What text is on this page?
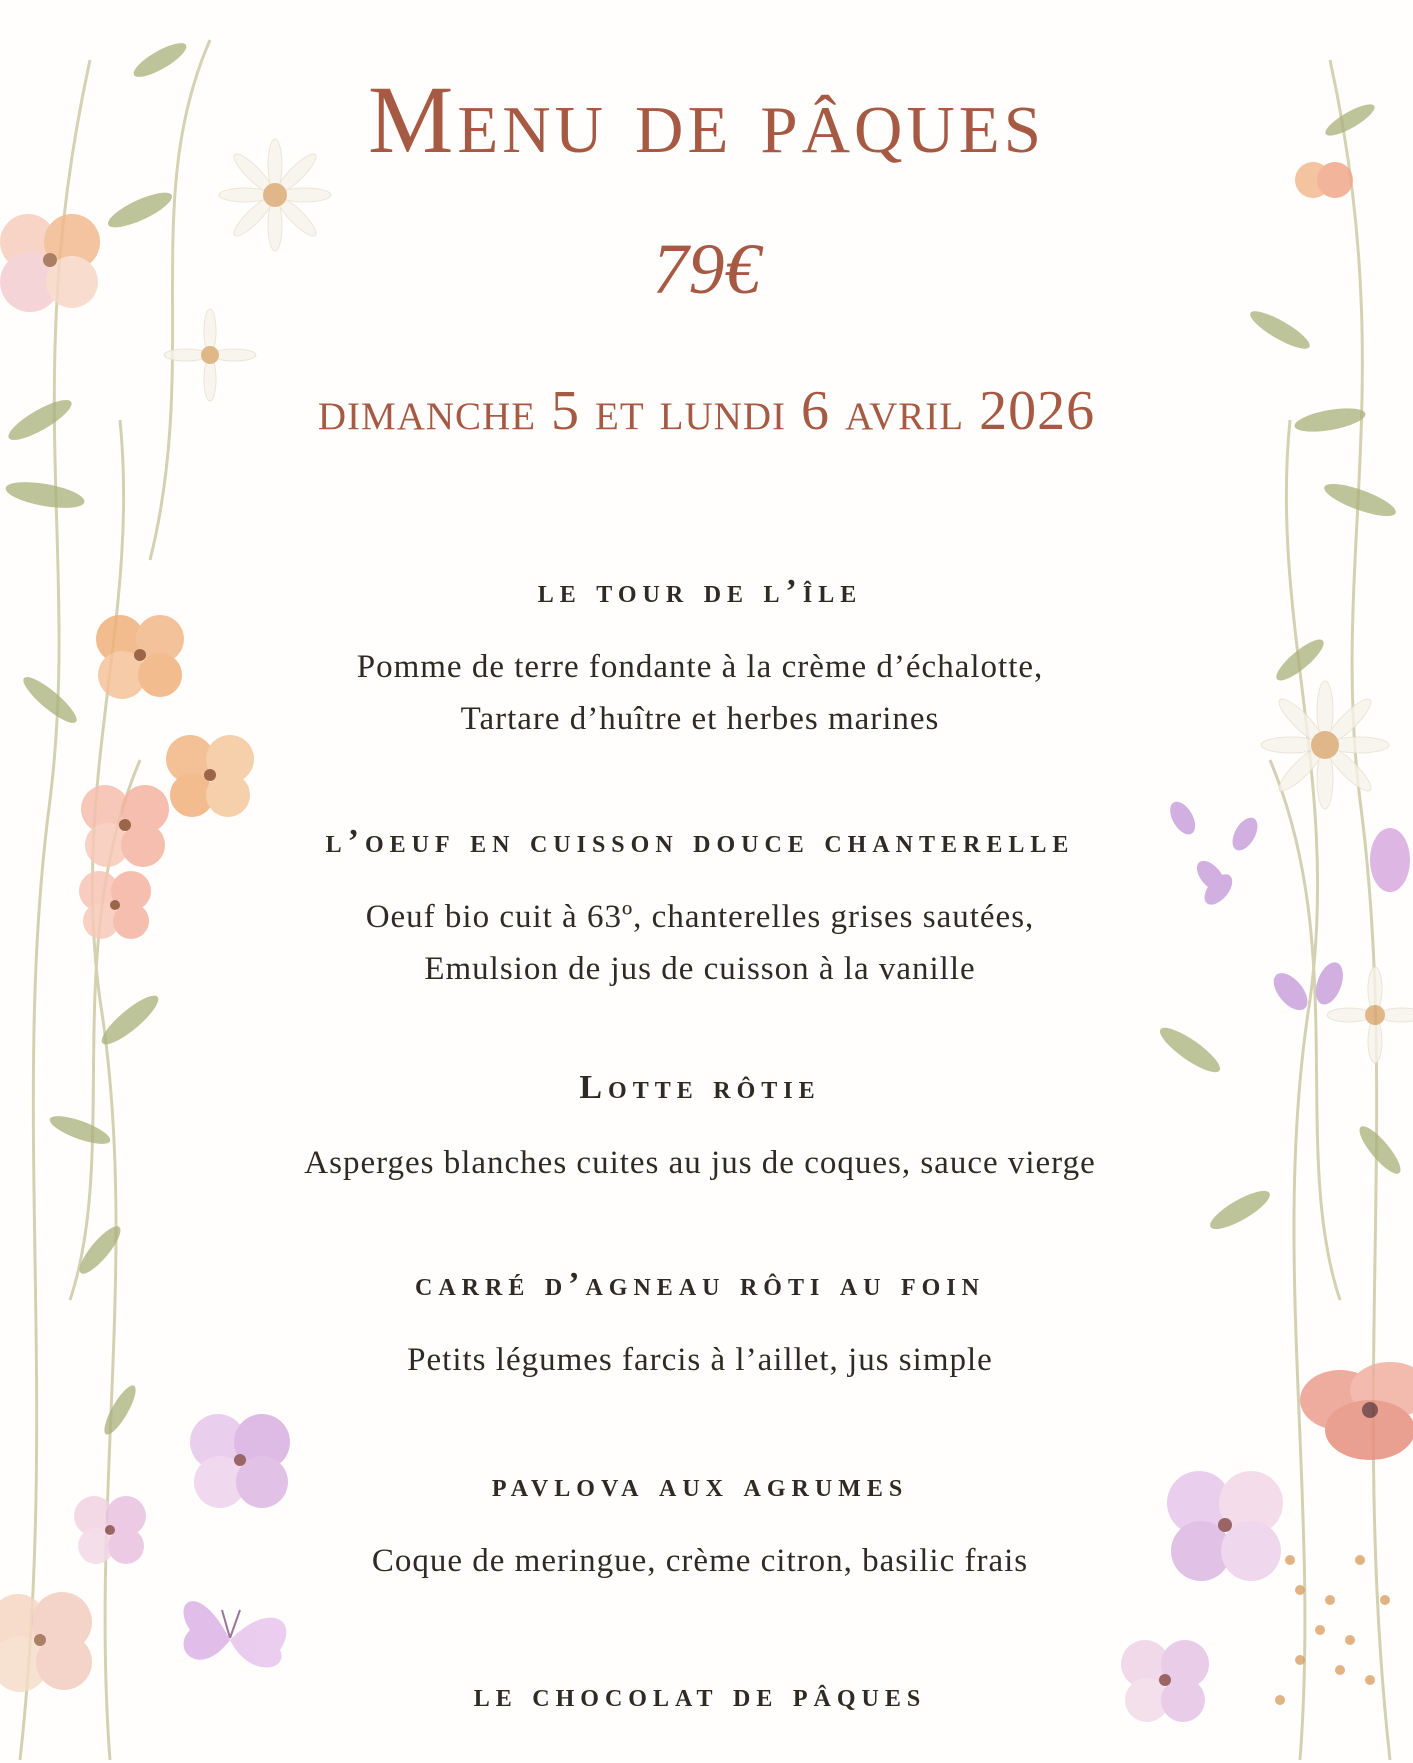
Menu de pâques
79€
dimanche 5 et lundi 6 avril 2026
le tour de l’île
Pomme de terre fondante à la crème d’échalotte,
Tartare d’huître et herbes marines
l’oeuf en cuisson douce chanterelle
Oeuf bio cuit à 63º, chanterelles grises sautées,
Emulsion de jus de cuisson à la vanille
Lotte rôtie
Asperges blanches cuites au jus de coques, sauce vierge
carré d’agneau rôti au foin
Petits légumes farcis à l’aillet, jus simple
pavlova aux agrumes
Coque de meringue, crème citron, basilic frais
le chocolat de pâques
